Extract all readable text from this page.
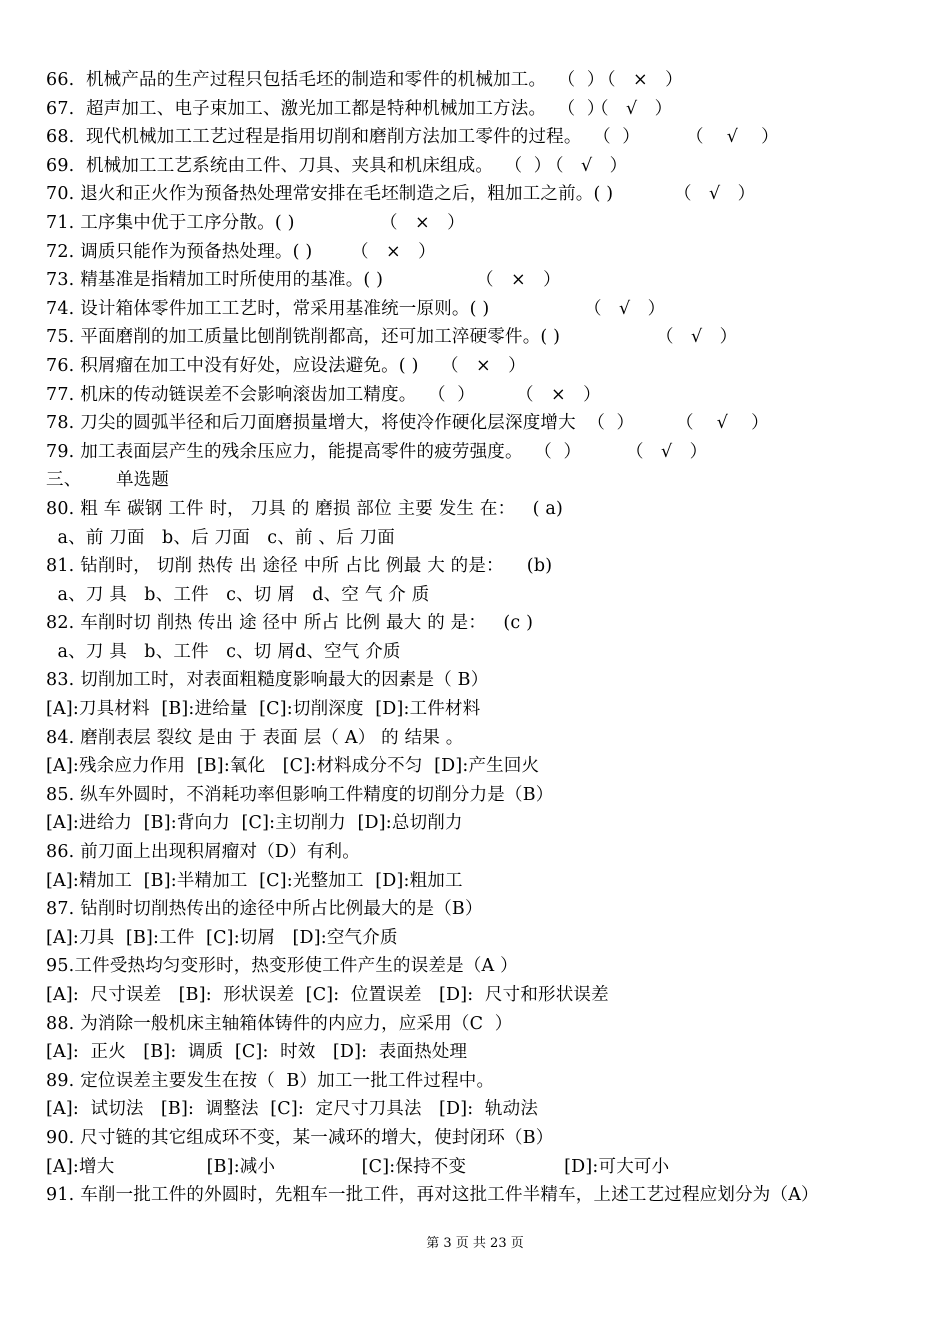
66.  机械产品的生产过程只包括毛坯的制造和零件的机械加工。  （  ）
（   ×   ）
67.  超声加工、电子束加工、激光加工都是特种机械加工方法。  （  ）
（   √   ）
68.  现代机械加工工艺过程是指用切削和磨削方法加工零件的过程。  （  ）	（    √    ）
69.  机械加工工艺系统由工件、刀具、夹具和机床组成。  （  ）
（   √   ）
70. 退火和正火作为预备热处理常安排在毛坯制造之后，粗加工之前。( )	（   √   ）
71. 工序集中优于工序分散。( )	（   ×   ）
72. 调质只能作为预备热处理。( ) （   ×   ）
73. 精基准是指精加工时所使用的基准。( )	（   ×   ）
74. 设计箱体零件加工工艺时，常采用基准统一原则。( )	（   √   ）
75. 平面磨削的加工质量比刨削铣削都高，还可加工淬硬零件。( )	（   √   ）
76. 积屑瘤在加工中没有好处，应设法避免。( ) （   ×   ）
77. 机床的传动链误差不会影响滚齿加工精度。  （  ） （   ×   ）
78. 刀尖的圆弧半径和后刀面磨损量增大，将使冷作硬化层深度增大  （  ） （    √    ）
79. 加工表面层产生的残余压应力，能提高零件的疲劳强度。  （  ）	（   √   ）
三、      单选题
80. 粗 车 碳钢 工件 时， 刀具 的 磨损 部位 主要 发生 在：   ( a)
a、前 刀面   b、后 刀面   c、前 、后 刀面
81. 钻削时， 切削 热传 出 途径 中所 占比 例最 大 的是：    (b)
a、刀 具   b、工件   c、切 屑   d、空 气 介 质
82. 车削时切 削热 传出 途 径中 所占 比例 最大 的 是：   (c )
a、刀 具   b、工件   c、切 屑d、空气 介质
83. 切削加工时，对表面粗糙度影响最大的因素是（ B）
[A]:刀具材料  [B]:进给量  [C]:切削深度  [D]:工件材料
84. 磨削表层 裂纹 是由 于 表面 层（ A） 的 结果 。
[A]:残余应力作用  [B]:氧化   [C]:材料成分不匀  [D]:产生回火
85. 纵车外圆时，不消耗功率但影响工件精度的切削分力是（B）
[A]:进给力  [B]:背向力  [C]:主切削力  [D]:总切削力
86. 前刀面上出现积屑瘤对（D）有利。
[A]:精加工  [B]:半精加工  [C]:光整加工  [D]:粗加工
87. 钻削时切削热传出的途径中所占比例最大的是（B）
[A]:刀具  [B]:工件  [C]:切屑   [D]:空气介质
95.工件受热均匀变形时，热变形使工件产生的误差是（A ）
[A]:  尺寸误差   [B]:  形状误差  [C]:  位置误差   [D]:  尺寸和形状误差
88. 为消除一般机床主轴箱体铸件的内应力，应采用（C  ）
[A]:  正火   [B]:  调质  [C]:  时效   [D]:  表面热处理
89. 定位误差主要发生在按（  B）加工一批工件过程中。
[A]:  试切法   [B]:  调整法  [C]:  定尺寸刀具法   [D]:  轨动法
90. 尺寸链的其它组成环不变，某一减环的增大，使封闭环（B）
[A]:增大                [B]:减小               [C]:保持不变                 [D]:可大可小
91. 车削一批工件的外圆时，先粗车一批工件，再对这批工件半精车，上述工艺过程应划分为（A）
第 3 页 共 23 页
